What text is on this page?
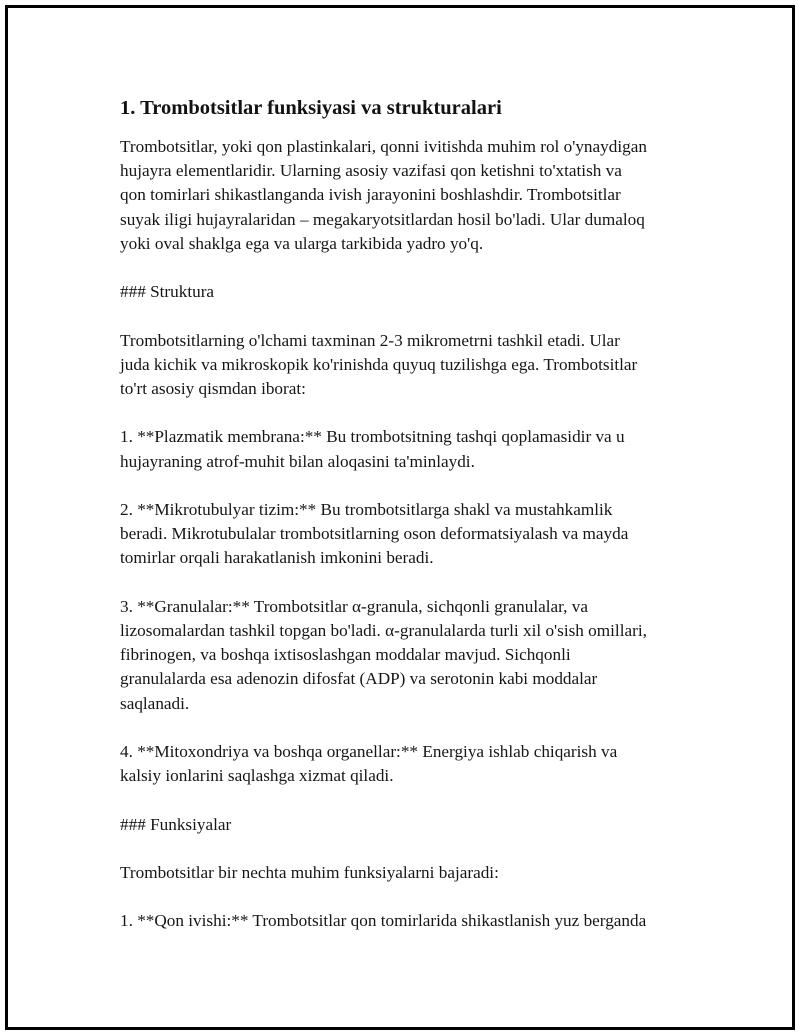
1. Trombotsitlar funksiyasi va strukturalari

Trombotsitlar, yoki qon plastinkalari, qonni ivitishda muhim rol o'ynaydigan
hujayra elementlaridir. Ularning asosiy vazifasi qon ketishni to'xtatish va
qon tomirlari shikastlanganda ivish jarayonini boshlashdir. Trombotsitlar
suyak iligi hujayralaridan – megakaryotsitlardan hosil bo'ladi. Ular dumaloq
yoki oval shaklga ega va ularga tarkibida yadro yo'q.

### Struktura

Trombotsitlarning o'lchami taxminan 2-3 mikrometrni tashkil etadi. Ular
juda kichik va mikroskopik ko'rinishda quyuq tuzilishga ega. Trombotsitlar
to'rt asosiy qismdan iborat:

1. **Plazmatik membrana:** Bu trombotsitning tashqi qoplamasidir va u
hujayraning atrof-muhit bilan aloqasini ta'minlaydi.

2. **Mikrotubulyar tizim:** Bu trombotsitlarga shakl va mustahkamlik
beradi. Mikrotubulalar trombotsitlarning oson deformatsiyalash va mayda
tomirlar orqali harakatlanish imkonini beradi.

3. **Granulalar:** Trombotsitlar α-granula, sichqonli granulalar, va
lizosomalardan tashkil topgan bo'ladi. α-granulalarda turli xil o'sish omillari,
fibrinogen, va boshqa ixtisoslashgan moddalar mavjud. Sichqonli
granulalarda esa adenozin difosfat (ADP) va serotonin kabi moddalar
saqlanadi.

4. **Mitoxondriya va boshqa organellar:** Energiya ishlab chiqarish va
kalsiy ionlarini saqlashga xizmat qiladi.

### Funksiyalar

Trombotsitlar bir nechta muhim funksiyalarni bajaradi:

1. **Qon ivishi:** Trombotsitlar qon tomirlarida shikastlanish yuz berganda
